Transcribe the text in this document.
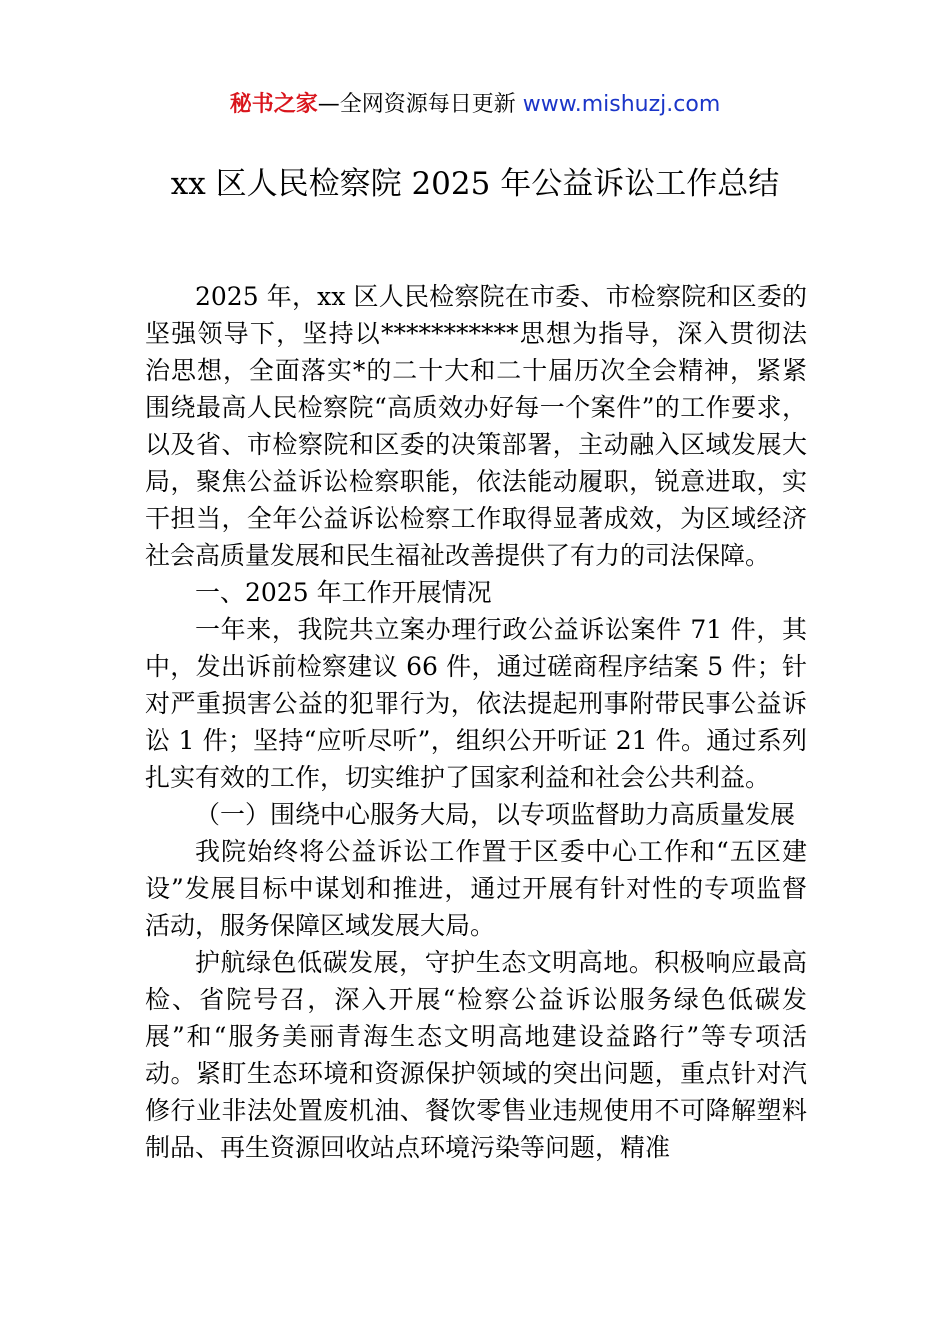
秘书之家—全网资源每日更新 www.mishuzj.com
xx 区人民检察院 2025 年公益诉讼工作总结

2025 年，xx 区人民检察院在市委、市检察院和区委的坚强领导下，坚持以***********思想为指导，深入贯彻法治思想，全面落实*的二十大和二十届历次全会精神，紧紧围绕最高人民检察院“高质效办好每一个案件”的工作要求，以及省、市检察院和区委的决策部署，主动融入区域发展大局，聚焦公益诉讼检察职能，依法能动履职，锐意进取，实干担当，全年公益诉讼检察工作取得显著成效，为区域经济社会高质量发展和民生福祉改善提供了有力的司法保障。

一、2025 年工作开展情况

一年来，我院共立案办理行政公益诉讼案件 71 件，其中，发出诉前检察建议 66 件，通过磋商程序结案 5 件；针对严重损害公益的犯罪行为，依法提起刑事附带民事公益诉讼 1 件；坚持“应听尽听”，组织公开听证 21 件。通过系列扎实有效的工作，切实维护了国家利益和社会公共利益。

（一）围绕中心服务大局，以专项监督助力高质量发展

我院始终将公益诉讼工作置于区委中心工作和“五区建设”发展目标中谋划和推进，通过开展有针对性的专项监督活动，服务保障区域发展大局。

护航绿色低碳发展，守护生态文明高地。积极响应最高检、省院号召，深入开展“检察公益诉讼服务绿色低碳发展”和“服务美丽青海生态文明高地建设益路行”等专项活动。紧盯生态环境和资源保护领域的突出问题，重点针对汽修行业非法处置废机油、餐饮零售业违规使用不可降解塑料制品、再生资源回收站点环境污染等问题，精准
